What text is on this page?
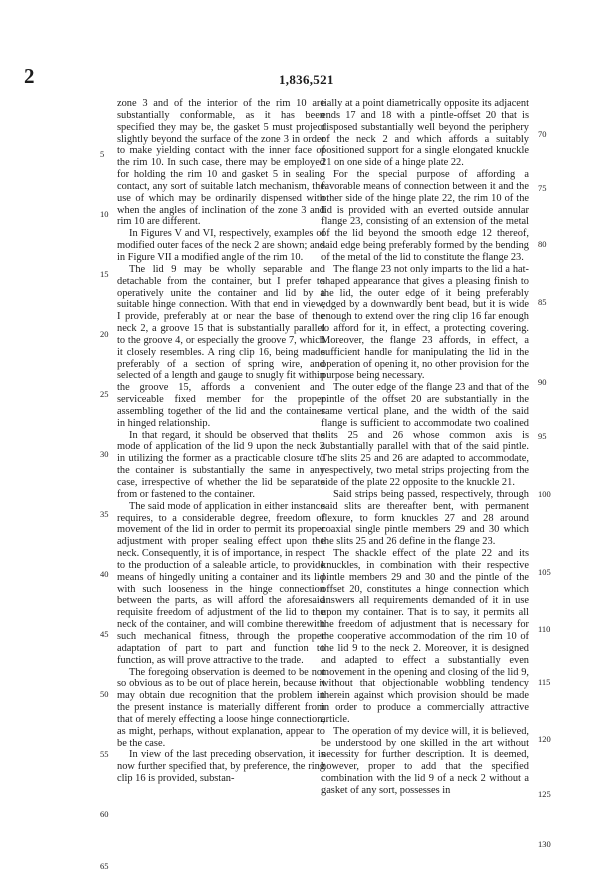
2	1,836,521
5
10
15
20
25
30
35
40
45
50
55
60
65

zone 3 and of the interior of the rim 10 are substantially conformable, as it has been specified they may be, the gasket 5 must project slightly beyond the surface of the zone 3 in order to make yielding contact with the inner face of the rim 10. In such case, there may be employed for holding the rim 10 and gasket 5 in sealing contact, any sort of suitable latch mechanism, the use of which may be ordinarily dispensed with when the angles of inclination of the zone 3 and rim 10 are different.

In Figures V and VI, respectively, examples of modified outer faces of the neck 2 are shown; and in Figure VII a modified angle of the rim 10.

The lid 9 may be wholly separable and detachable from the container, but I prefer to operatively unite the container and lid by a suitable hinge connection. With that end in view, I provide, preferably at or near the base of the neck 2, a groove 15 that is substantially parallel to the groove 4, or especially the groove 7, which it closely resembles. A ring clip 16, being made preferably of a section of spring wire, and selected of a length and gauge to snugly fit within the groove 15, affords a convenient and serviceable fixed member for the proper assembling together of the lid and the container in hinged relationship.

In that regard, it should be observed that the mode of application of the lid 9 upon the neck 2 in utilizing the former as a practicable closure to the container is substantially the same in any case, irrespective of whether the lid be separate from or fastened to the container.

The said mode of application in either instance requires, to a considerable degree, freedom of movement of the lid in order to permit its proper adjustment with proper sealing effect upon the neck. Consequently, it is of importance, in respect to the production of a saleable article, to provide means of hingedly uniting a container and its lid with such looseness in the hinge connection between the parts, as will afford the aforesaid requisite freedom of adjustment of the lid to the neck of the container, and will combine therewith such mechanical fitness, through the proper adaptation of part to part and function to function, as will prove attractive to the trade.

The foregoing observation is deemed to be not so obvious as to be out of place herein, because it may obtain due recognition that the problem in the present instance is materially different from that of merely effecting a loose hinge connection, as might, perhaps, without explanation, appear to be the case.

In view of the last preceding observation, it is now further specified that, by preference, the ring clip 16 is provided, substan-

tially at a point diametrically opposite its adjacent ends 17 and 18 with a pintle-offset 20 that is disposed substantially well beyond the periphery of the neck 2 and which affords a suitably positioned support for a single elongated knuckle 21 on one side of a hinge plate 22.

For the special purpose of affording a favorable means of connection between it and the other side of the hinge plate 22, the rim 10 of the lid is provided with an everted outside annular flange 23, consisting of an extension of the metal of the lid beyond the smooth edge 12 thereof, said edge being preferably formed by the bending of the metal of the lid to constitute the flange 23.

The flange 23 not only imparts to the lid a hat-shaped appearance that gives a pleasing finish to the lid, the outer edge of it being preferably edged by a downwardly bent bead, but it is wide enough to extend over the ring clip 16 far enough to afford for it, in effect, a protecting covering. Moreover, the flange 23 affords, in effect, a sufficient handle for manipulating the lid in the operation of opening it, no other provision for the purpose being necessary.

The outer edge of the flange 23 and that of the pintle of the offset 20 are substantially in the same vertical plane, and the width of the said flange is sufficient to accommodate two coalined slits 25 and 26 whose common axis is substantially parallel with that of the said pintle. The slits 25 and 26 are adapted to accommodate, respectively, two metal strips projecting from the side of the plate 22 opposite to the knuckle 21.

Said strips being passed, respectively, through said slits are thereafter bent, with permanent flexure, to form knuckles 27 and 28 around coaxial single pintle members 29 and 30 which the slits 25 and 26 define in the flange 23.

The shackle effect of the plate 22 and its knuckles, in combination with their respective pintle members 29 and 30 and the pintle of the offset 20, constitutes a hinge connection which answers all requirements demanded of it in use upon my container. That is to say, it permits all the freedom of adjustment that is necessary for the cooperative accommodation of the rim 10 of the lid 9 to the neck 2. Moreover, it is designed and adapted to effect a substantially even movement in the opening and closing of the lid 9, without that objectionable wobbling tendency therein against which provision should be made in order to produce a commercially attractive article.

The operation of my device will, it is believed, be understood by one skilled in the art without necessity for further description. It is deemed, however, proper to add that the specified combination with the lid 9 of a neck 2 without a gasket of any sort, possesses in

70
75
80
85
90
95
100
105
110
115
120
125
130
